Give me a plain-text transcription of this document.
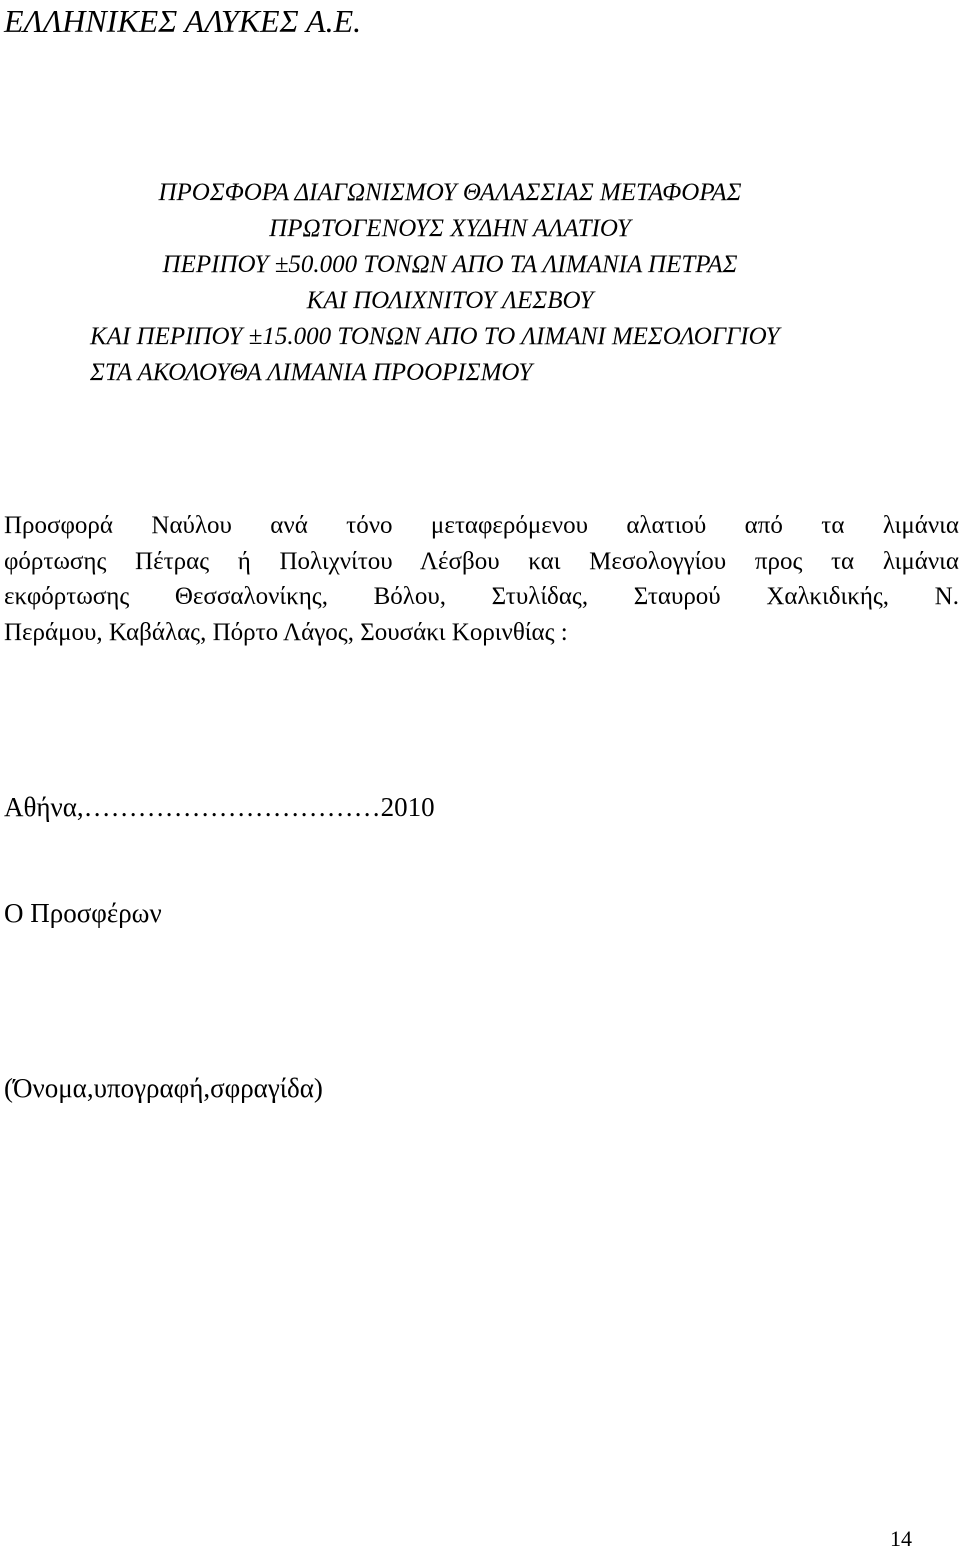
ΕΛΛΗΝΙΚΕΣ ΑΛΥΚΕΣ Α.Ε.
ΠΡΟΣΦΟΡΑ ΔΙΑΓΩΝΙΣΜΟΥ ΘΑΛΑΣΣΙΑΣ ΜΕΤΑΦΟΡΑΣ
ΠΡΩΤΟΓΕΝΟΥΣ ΧΥΔΗΝ ΑΛΑΤΙΟΥ
ΠΕΡΙΠΟΥ ±50.000 ΤΟΝΩΝ ΑΠΟ ΤΑ ΛΙΜΑΝΙΑ ΠΕΤΡΑΣ
ΚΑΙ ΠΟΛΙΧΝΙΤΟΥ ΛΕΣΒΟΥ
ΚΑΙ ΠΕΡΙΠΟΥ ±15.000 ΤΟΝΩΝ ΑΠΟ ΤΟ ΛΙΜΑΝΙ ΜΕΣΟΛΟΓΓΙΟΥ
ΣΤΑ ΑΚΟΛΟΥΘΑ ΛΙΜΑΝΙΑ ΠΡΟΟΡΙΣΜΟΥ
Προσφορά Ναύλου ανά τόνο μεταφερόμενου αλατιού από τα λιμάνια
φόρτωσης Πέτρας ή Πολιχνίτου Λέσβου και Μεσολογγίου προς τα λιμάνια
εκφόρτωσης Θεσσαλονίκης, Βόλου, Στυλίδας, Σταυρού Χαλκιδικής, Ν.
Περάμου, Καβάλας, Πόρτο Λάγος, Σουσάκι Κορινθίας :
Αθήνα,……………………………2010
Ο Προσφέρων
(Όνομα,υπογραφή,σφραγίδα)
14
